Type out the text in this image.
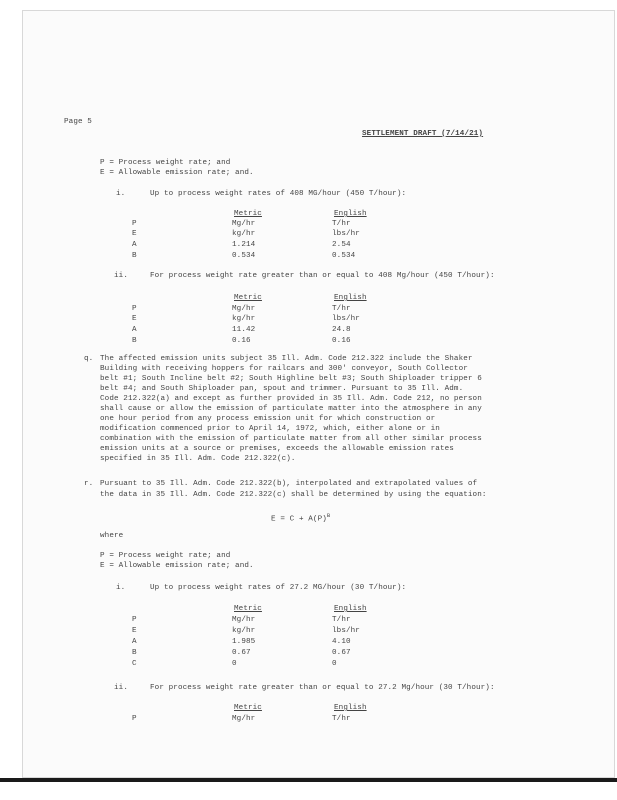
Page 5
SETTLEMENT DRAFT (7/14/21)
P = Process weight rate; and
E = Allowable emission rate; and.
i.	Up to process weight rates of 408 MG/hour (450 T/hour):
Metric	English
P	Mg/hr	T/hr
E	kg/hr	lbs/hr
A	1.214	2.54
B	0.534	0.534
ii.	For process weight rate greater than or equal to 408 Mg/hour (450 T/hour):
Metric	English
P	Mg/hr	T/hr
E	kg/hr	lbs/hr
A	11.42	24.8
B	0.16	0.16
q. The affected emission units subject 35 Ill. Adm. Code 212.322 include the Shaker
Building with receiving hoppers for railcars and 300' conveyor, South Collector
belt #1; South Incline belt #2; South Highline belt #3; South Shiploader tripper 6
belt #4; and South Shiploader pan, spout and trimmer. Pursuant to 35 Ill. Adm.
Code 212.322(a) and except as further provided in 35 Ill. Adm. Code 212, no person
shall cause or allow the emission of particulate matter into the atmosphere in any
one hour period from any process emission unit for which construction or
modification commenced prior to April 14, 1972, which, either alone or in
combination with the emission of particulate matter from all other similar process
emission units at a source or premises, exceeds the allowable emission rates
specified in 35 Ill. Adm. Code 212.322(c).
r. Pursuant to 35 Ill. Adm. Code 212.322(b), interpolated and extrapolated values of
the data in 35 Ill. Adm. Code 212.322(c) shall be determined by using the equation:
$E = C + A(P)^B$
where
P = Process weight rate; and
E = Allowable emission rate; and.
i.	Up to process weight rates of 27.2 MG/hour (30 T/hour):
Metric	English
P	Mg/hr	T/hr
E	kg/hr	lbs/hr
A	1.985	4.10
B	0.67	0.67
C	0	0
ii.	For process weight rate greater than or equal to 27.2 Mg/hour (30 T/hour):
Metric	English
P	Mg/hr	T/hr
